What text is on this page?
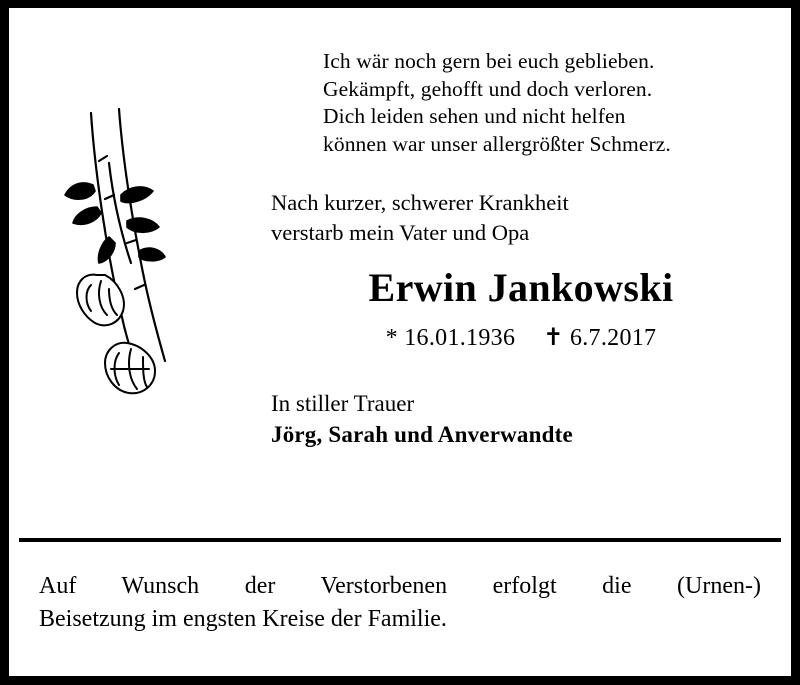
Ich wär noch gern bei euch geblieben.
Gekämpft, gehofft und doch verloren.
Dich leiden sehen und nicht helfen
können war unser allergrößter Schmerz.
Nach kurzer, schwerer Krankheit
verstarb mein Vater und Opa
Erwin Jankowski
* 16.01.1936 ✝ 6.7.2017
In stiller Trauer
Jörg, Sarah und Anverwandte
Auf Wunsch der Verstorbenen erfolgt die (Urnen-)
Beisetzung im engsten Kreise der Familie.
